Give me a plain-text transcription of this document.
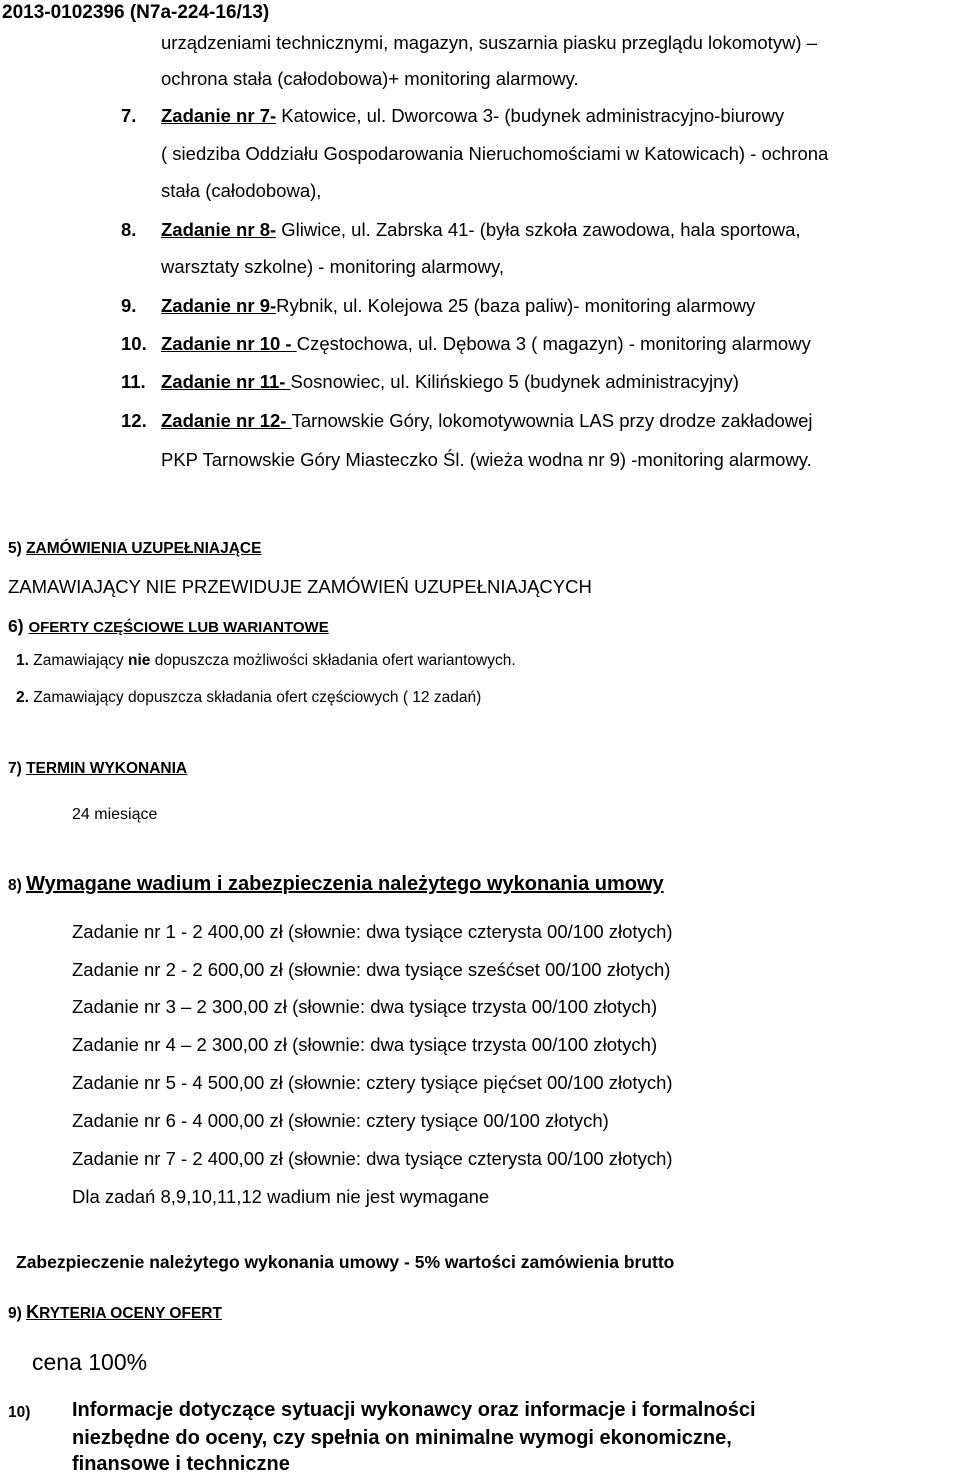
2013-0102396 (N7a-224-16/13)
urządzeniami technicznymi, magazyn, suszarnia piasku przeglądu lokomotyw) –
ochrona stała (całodobowa)+ monitoring alarmowy.
7. Zadanie nr 7- Katowice, ul. Dworcowa 3- (budynek administracyjno-biurowy
( siedziba Oddziału Gospodarowania Nieruchomościami w Katowicach) - ochrona
stała (całodobowa),
8. Zadanie nr 8- Gliwice, ul. Zabrska 41- (była szkoła zawodowa, hala sportowa,
warsztaty szkolne) - monitoring alarmowy,
9. Zadanie nr 9-Rybnik, ul. Kolejowa 25 (baza paliw)- monitoring alarmowy
10. Zadanie nr 10 - Częstochowa, ul. Dębowa 3 ( magazyn) - monitoring alarmowy
11. Zadanie nr 11- Sosnowiec, ul. Kilińskiego 5 (budynek administracyjny)
12. Zadanie nr 12- Tarnowskie Góry, lokomotywownia LAS przy drodze zakładowej
PKP Tarnowskie Góry Miasteczko Śl. (wieża wodna nr 9) -monitoring alarmowy.
5) ZAMÓWIENIA UZUPEŁNIAJĄCE
ZAMAWIAJĄCY NIE PRZEWIDUJE ZAMÓWIEŃ UZUPEŁNIAJĄCYCH
6) OFERTY CZĘŚCIOWE LUB WARIANTOWE
1. Zamawiający nie dopuszcza możliwości składania ofert wariantowych.
2. Zamawiający dopuszcza składania ofert częściowych ( 12 zadań)
7) TERMIN WYKONANIA
24 miesiące
8) Wymagane wadium i zabezpieczenia należytego wykonania umowy
Zadanie nr 1 - 2 400,00 zł (słownie: dwa tysiące czterysta 00/100 złotych)
Zadanie nr 2 - 2 600,00 zł (słownie: dwa tysiące sześćset 00/100 złotych)
Zadanie nr 3 – 2 300,00 zł (słownie: dwa tysiące trzysta 00/100 złotych)
Zadanie nr 4 – 2 300,00 zł (słownie: dwa tysiące trzysta 00/100 złotych)
Zadanie nr 5 - 4 500,00 zł (słownie: cztery tysiące pięćset 00/100 złotych)
Zadanie nr 6 - 4 000,00 zł (słownie: cztery tysiące 00/100 złotych)
Zadanie nr 7 - 2 400,00 zł (słownie: dwa tysiące czterysta 00/100 złotych)
Dla zadań 8,9,10,11,12 wadium nie jest wymagane
Zabezpieczenie należytego wykonania umowy - 5% wartości zamówienia brutto
9) KRYTERIA OCENY OFERT
cena 100%
10) Informacje dotyczące sytuacji wykonawcy oraz informacje i formalności
niezbędne do oceny, czy spełnia on minimalne wymogi ekonomiczne,
finansowe i techniczne
